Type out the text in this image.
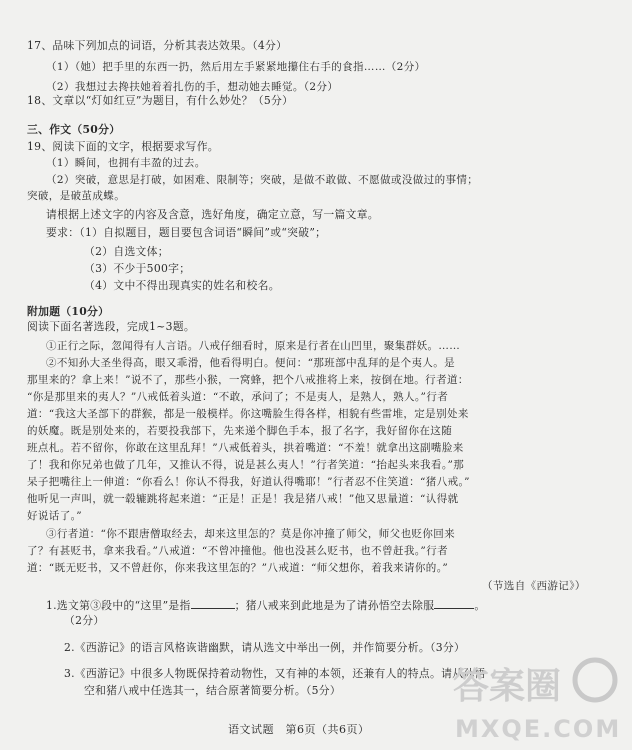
17、品味下列加点的词语，分析其表达效果。（4分）
（1）（她）把手里的东西一扔，然后用左手紧紧地攥住右手的食指……（2分）
（2）我想过去搀扶她着着扎伤的手，想动她去睡觉。（2分）
18、文章以“灯如红豆”为题目，有什么妙处？（5分）
三、作文（50分）
19、阅读下面的文字，根据要求写作。
（1）瞬间，也拥有丰盈的过去。
（2）突破，意思是打破，如困难、限制等；突破，是做不敢做、不愿做或没做过的事情；
突破，是破茧成蝶。
请根据上述文字的内容及含意，选好角度，确定立意，写一篇文章。
要求：（1）自拟题目，题目要包含词语“瞬间”或“突破”；
（2）自选文体；
（3）不少于500字；
（4）文中不得出现真实的姓名和校名。
附加题（10分）
阅读下面名著选段，完成1~3题。
①正行之际，忽闻得有人言语。八戒仔细看时，原来是行者在山凹里，聚集群妖。……
②不知孙大圣坐得高，眼又乖滑，他看得明白。便问：“那班部中乱拜的是个夷人。是
那里来的？拿上来！”说不了，那些小猴，一窝蜂，把个八戒推将上来，按倒在地。行者道：
“你是那里来的夷人？”八戒低着头道：“不敢，承问了；不是夷人，是熟人，熟人。”行者
道：“我这大圣部下的群猴，都是一般模样。你这嘴脸生得各样，相貌有些雷堆，定是别处来
的妖魔。既是别处来的，若要投我部下，先来递个脚色手本，报了名字，我好留你在这随
班点札。若不留你，你敢在这里乱拜！”八戒低着头，拱着嘴道：“不羞！就拿出这副嘴脸来
了！我和你兄弟也做了几年，又推认不得，说是甚么夷人！”行者笑道：“抬起头来我看。”那
呆子把嘴往上一伸道：“你看么！你认不得我，好道认得嘴耶！”行者忍不住笑道：“猪八戒。”
他听见一声叫，就一毂辘跳将起来道：“正是！正是！我是猪八戒！”他又思量道：“认得就
好说话了。”
③行者道：“你不跟唐僧取经去，却来这里怎的？莫是你冲撞了师父，师父也贬你回来
了？有甚贬书，拿来我看。”八戒道：“不曾冲撞他。他也没甚么贬书，也不曾赶我。”行者
道：“既无贬书，又不曾赶你，你来我这里怎的？”八戒道：“师父想你，着我来请你的。”
（节选自《西游记》）
1.选文第③段中的“这里”是指	；猪八戒来到此地是为了请孙悟空去除服	。
（2分）
2.《西游记》的语言风格诙谐幽默，请从选文中举出一例，并作简要分析。（3分）
3.《西游记》中很多人物既保持着动物性，又有神的本领，还兼有人的特点。请从孙悟
空和猪八戒中任选其一，结合原著简要分析。（5分）
语文试题　第6页（共6页）
答案圈
MXQE.COM
